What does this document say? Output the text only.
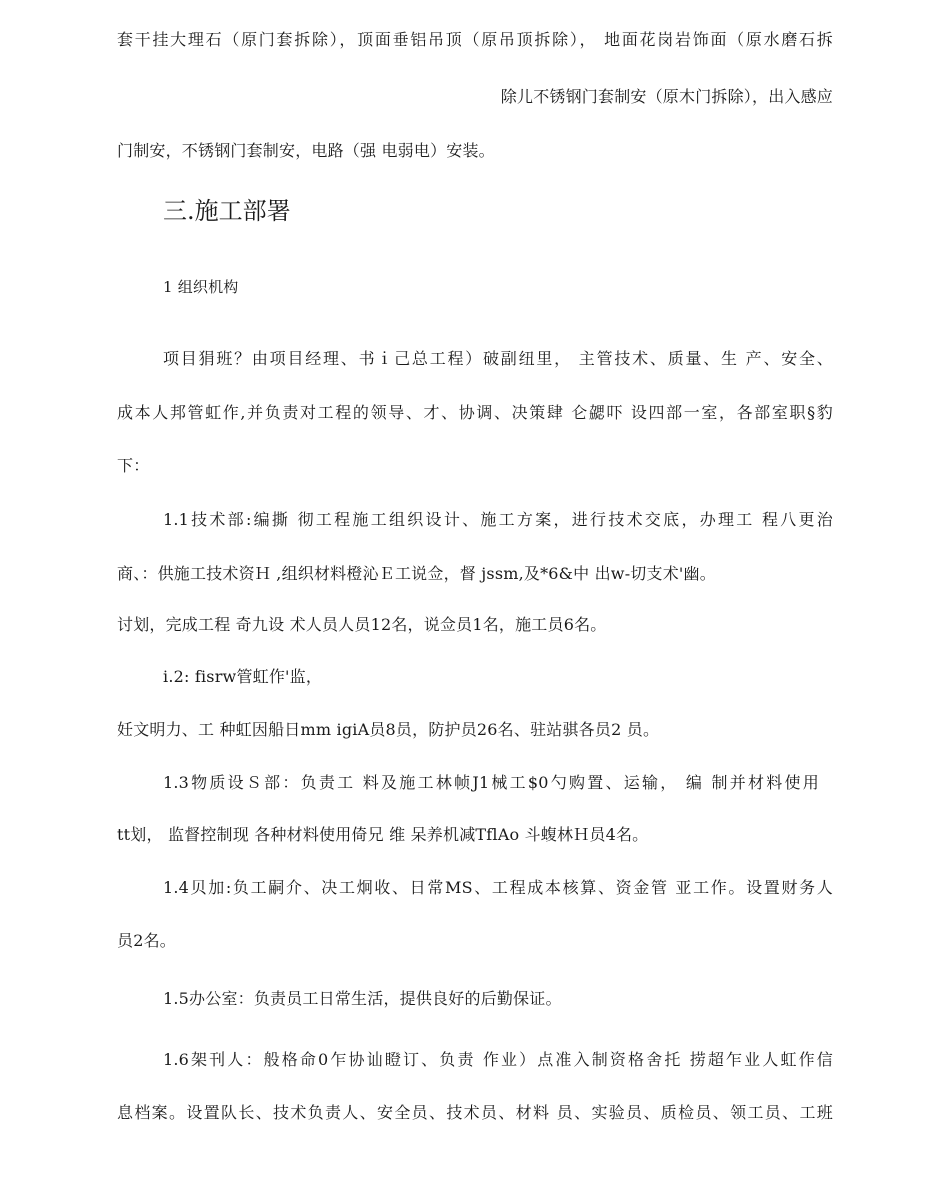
套干挂大理石（原门套拆除），顶面垂铝吊顶（原吊顶拆除）， 地面花岗岩饰面（原水磨石拆
除儿不锈钢门套制安（原木门拆除），出入感应
门制安，不锈钢门套制安，电路（强 电弱电）安装。
三.施工部署
1 组织机构
项目狷班？由项目经理、书ｉ己总工程）破副纽里， 主管技术、质量、生 产、安全、
成本人邦管虹作,并负责对工程的领导、才、协调、决策肆 仑勰吓 设四部一室，各部室职§豹
下：
1.1技术部:编撕 彻工程施工组织设计、施工方案，进行技术交底，办理工 程八更治
商、：供施工技术资Ｈ ,组织材料橙沁Ｅ工说佥，督 jssm,及*6&中 出w-切支术'幽。
讨划，完成工程 奇九设 术人员人员12名，说佥员1名，施工员6名。
i.2: fisrw管虹作'监，
妊文明力、工 种虹因船日mm igiA员8员，防护员26名、驻站骐各员2 员。
1.3物质设Ｓ部：负责工 料及施工林帧J1械工$0勺购置、运输， 编 制并材料使用
tt划， 监督控制现 各种材料使用倚兄 维 呆养机减TflAo 斗蝮林Ｈ员4名。
1.4贝加:负工嗣介、决工炯收、日常MS、工程成本核算、资金管 亚工作。设置财务人
员2名。
1.5办公室：负责员工日常生活，提供良好的后勤保证。
1.6架刊人：般格命0乍协讪瞪订、负责 作业）点准入制资格舍托 捞超乍业人虹作信
息档案。设置队长、技术负责人、安全员、技术员、材料 员、实验员、质检员、领工员、工班
